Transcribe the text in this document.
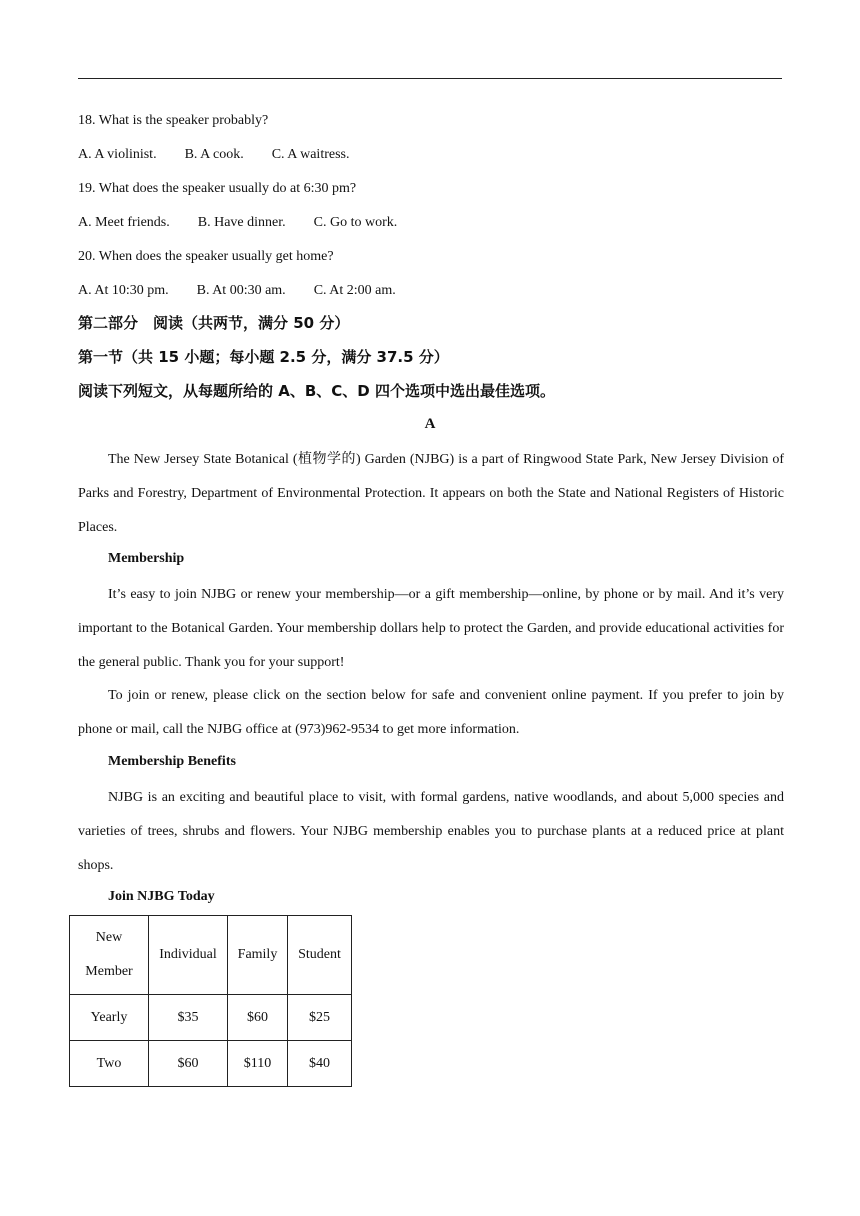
18. What is the speaker probably?
A. A violinist. B. A cook. C. A waitress.
19. What does the speaker usually do at 6:30 pm?
A. Meet friends. B. Have dinner. C. Go to work.
20. When does the speaker usually get home?
A. At 10:30 pm. B. At 00:30 am. C. At 2:00 am.
第二部分　阅读（共两节，满分 50 分）
第一节（共 15 小题；每小题 2.5 分，满分 37.5 分）
阅读下列短文，从每题所给的 A、B、C、D 四个选项中选出最佳选项。
A

The New Jersey State Botanical (植物学的) Garden (NJBG) is a part of Ringwood State Park, New Jersey Division of Parks and Forestry, Department of Environmental Protection. It appears on both the State and National Registers of Historic Places.

Membership

It’s easy to join NJBG or renew your membership—or a gift membership—online, by phone or by mail. And it’s very important to the Botanical Garden. Your membership dollars help to protect the Garden, and provide educational activities for the general public. Thank you for your support!

To join or renew, please click on the section below for safe and convenient online payment. If you prefer to join by phone or mail, call the NJBG office at (973)962-9534 to get more information.

Membership Benefits

NJBG is an exciting and beautiful place to visit, with formal gardens, native woodlands, and about 5,000 species and varieties of trees, shrubs and flowers. Your NJBG membership enables you to purchase plants at a reduced price at plant shops.

Join NJBG Today
New Member	Individual	Family	Student
Yearly	$35	$60	$25
Two	$60	$110	$40
